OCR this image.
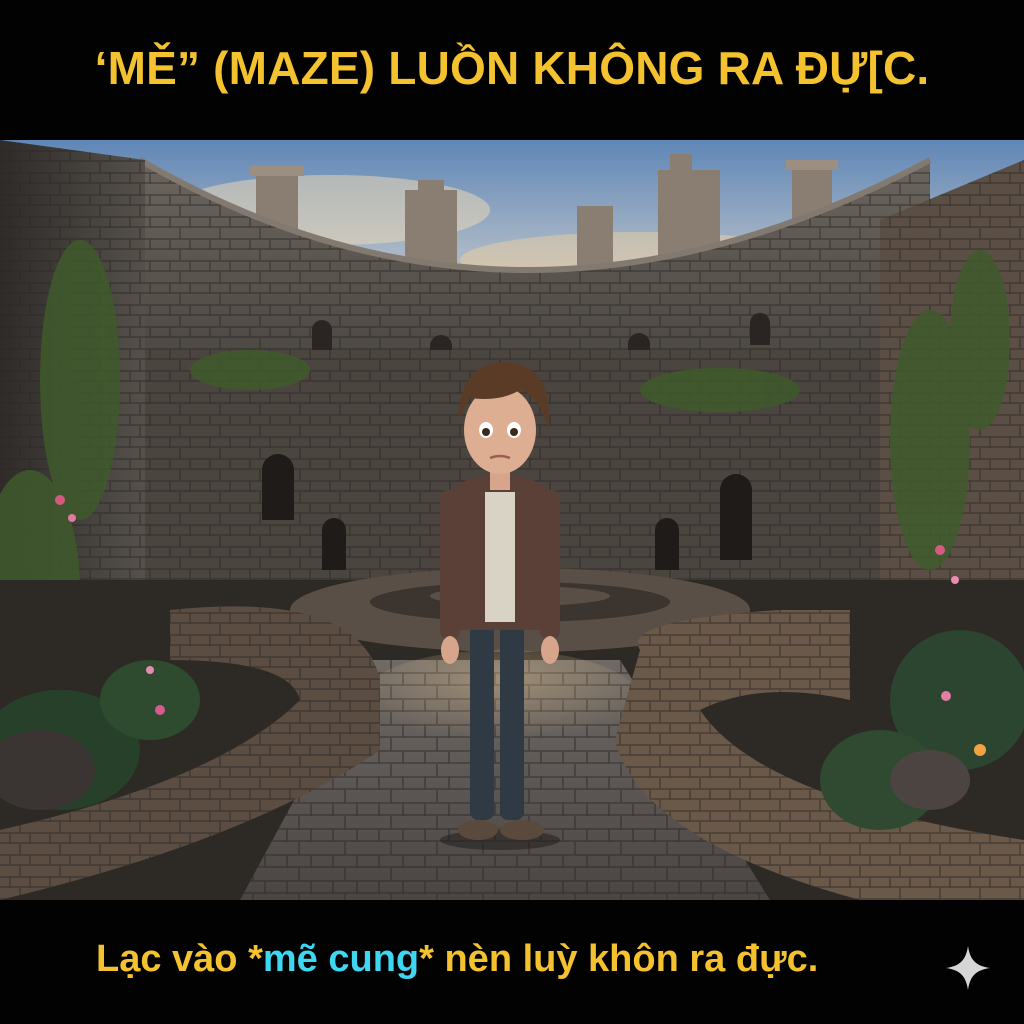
‘MĚ” (MAZE) LUỒN KHÔNG RA ĐỰ[C.
Lạc vào *mẽ cung* nèn luỳ khôn ra đực.
